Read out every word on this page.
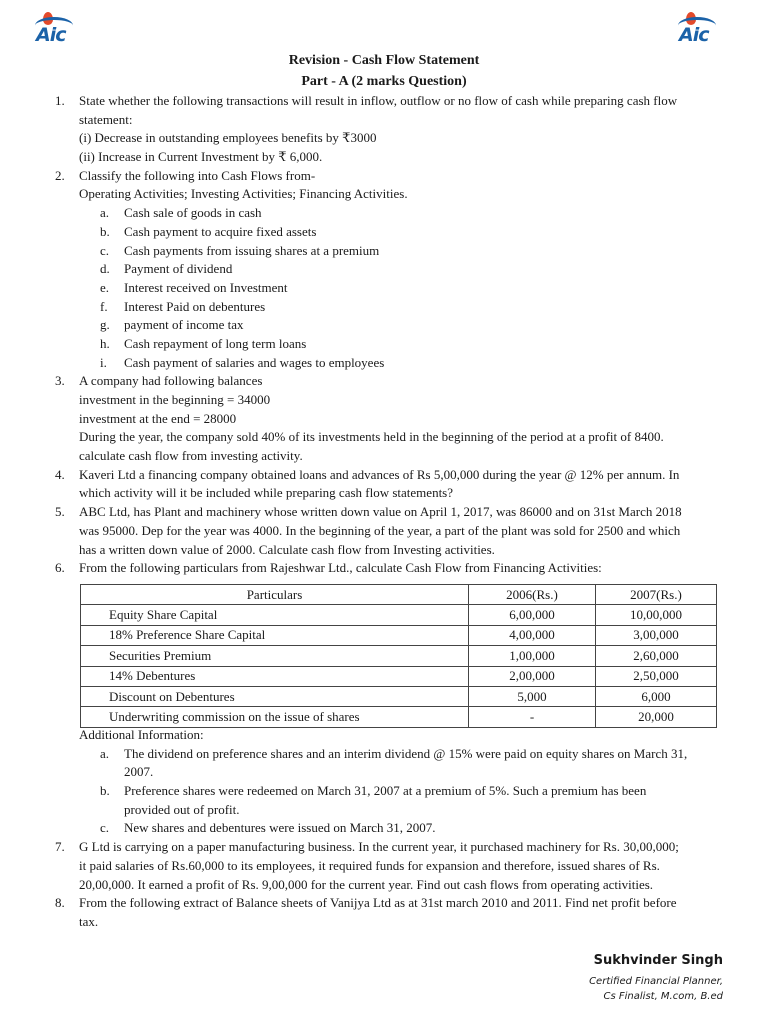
Aic	Aic
Revision - Cash Flow Statement
Part - A (2 marks Question)
1. State whether the following transactions will result in inflow, outflow or no flow of cash while preparing cash flow
statement:
(i) Decrease in outstanding employees benefits by ₹3000
(ii) Increase in Current Investment by ₹ 6,000.
2. Classify the following into Cash Flows from-
Operating Activities; Investing Activities; Financing Activities.
a. Cash sale of goods in cash
b. Cash payment to acquire fixed assets
c. Cash payments from issuing shares at a premium
d. Payment of dividend
e. Interest received on Investment
f. Interest Paid on debentures
g. payment of income tax
h. Cash repayment of long term loans
i. Cash payment of salaries and wages to employees
3. A company had following balances
investment in the beginning = 34000
investment at the end = 28000
During the year, the company sold 40% of its investments held in the beginning of the period at a profit of 8400.
calculate cash flow from investing activity.
4. Kaveri Ltd a financing company obtained loans and advances of Rs 5,00,000 during the year @ 12% per annum. In
which activity will it be included while preparing cash flow statements?
5. ABC Ltd, has Plant and machinery whose written down value on April 1, 2017, was 86000 and on 31st March 2018
was 95000. Dep for the year was 4000. In the beginning of the year, a part of the plant was sold for 2500 and which
has a written down value of 2000. Calculate cash flow from Investing activities.
6. From the following particulars from Rajeshwar Ltd., calculate Cash Flow from Financing Activities:
Particulars	2006(Rs.)	2007(Rs.)
Equity Share Capital	6,00,000	10,00,000
18% Preference Share Capital	4,00,000	3,00,000
Securities Premium	1,00,000	2,60,000
14% Debentures	2,00,000	2,50,000
Discount on Debentures	5,000	6,000
Underwriting commission on the issue of shares	-	20,000
Additional Information:
a. The dividend on preference shares and an interim dividend @ 15% were paid on equity shares on March 31,
2007.
b. Preference shares were redeemed on March 31, 2007 at a premium of 5%. Such a premium has been
provided out of profit.
c. New shares and debentures were issued on March 31, 2007.
7. G Ltd is carrying on a paper manufacturing business. In the current year, it purchased machinery for Rs. 30,00,000;
it paid salaries of Rs.60,000 to its employees, it required funds for expansion and therefore, issued shares of Rs.
20,00,000. It earned a profit of Rs. 9,00,000 for the current year. Find out cash flows from operating activities.
8. From the following extract of Balance sheets of Vanijya Ltd as at 31st march 2010 and 2011. Find net profit before
tax.
Sukhvinder Singh
Certified Financial Planner,
Cs Finalist, M.com, B.ed
